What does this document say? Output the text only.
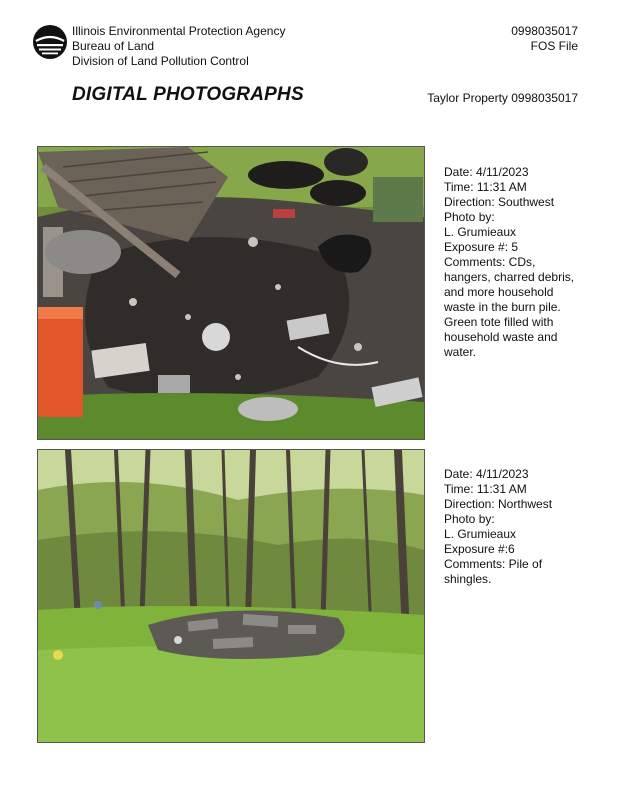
Illinois Environmental Protection Agency
Bureau of Land
Division of Land Pollution Control
0998035017
FOS File
DIGITAL PHOTOGRAPHS	Taylor Property 0998035017
Date: 4/11/2023
Time: 11:31 AM
Direction: Southwest
Photo by:
L. Grumieaux
Exposure #: 5
Comments: CDs, hangers, charred debris, and more household waste in the burn pile. Green tote filled with household waste and water.
Date: 4/11/2023
Time: 11:31 AM
Direction: Northwest
Photo by:
L. Grumieaux
Exposure #:6
Comments: Pile of shingles.
